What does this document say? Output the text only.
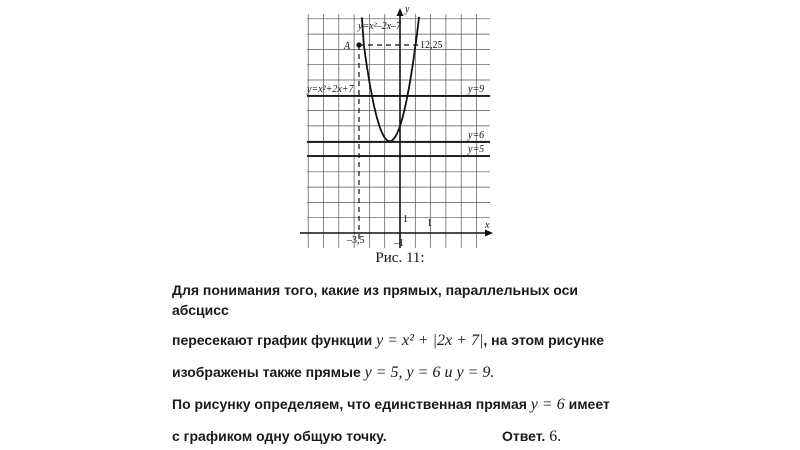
A	12,25
y=x²–2x–7
y=x²+2x+7	y=9
y=6
y=5
x
y
1
1
–3,5	–1
Рис. 11:
Для понимания того, какие из прямых, параллельных оси
абсцисс
пересекают график функции y = x² + |2x + 7|, на этом рисунке
изображены также прямые y = 5, y = 6 и y = 9.
По рисунку определяем, что единственная прямая y = 6 имеет
с графиком одну общую точку.	Ответ. 6.
